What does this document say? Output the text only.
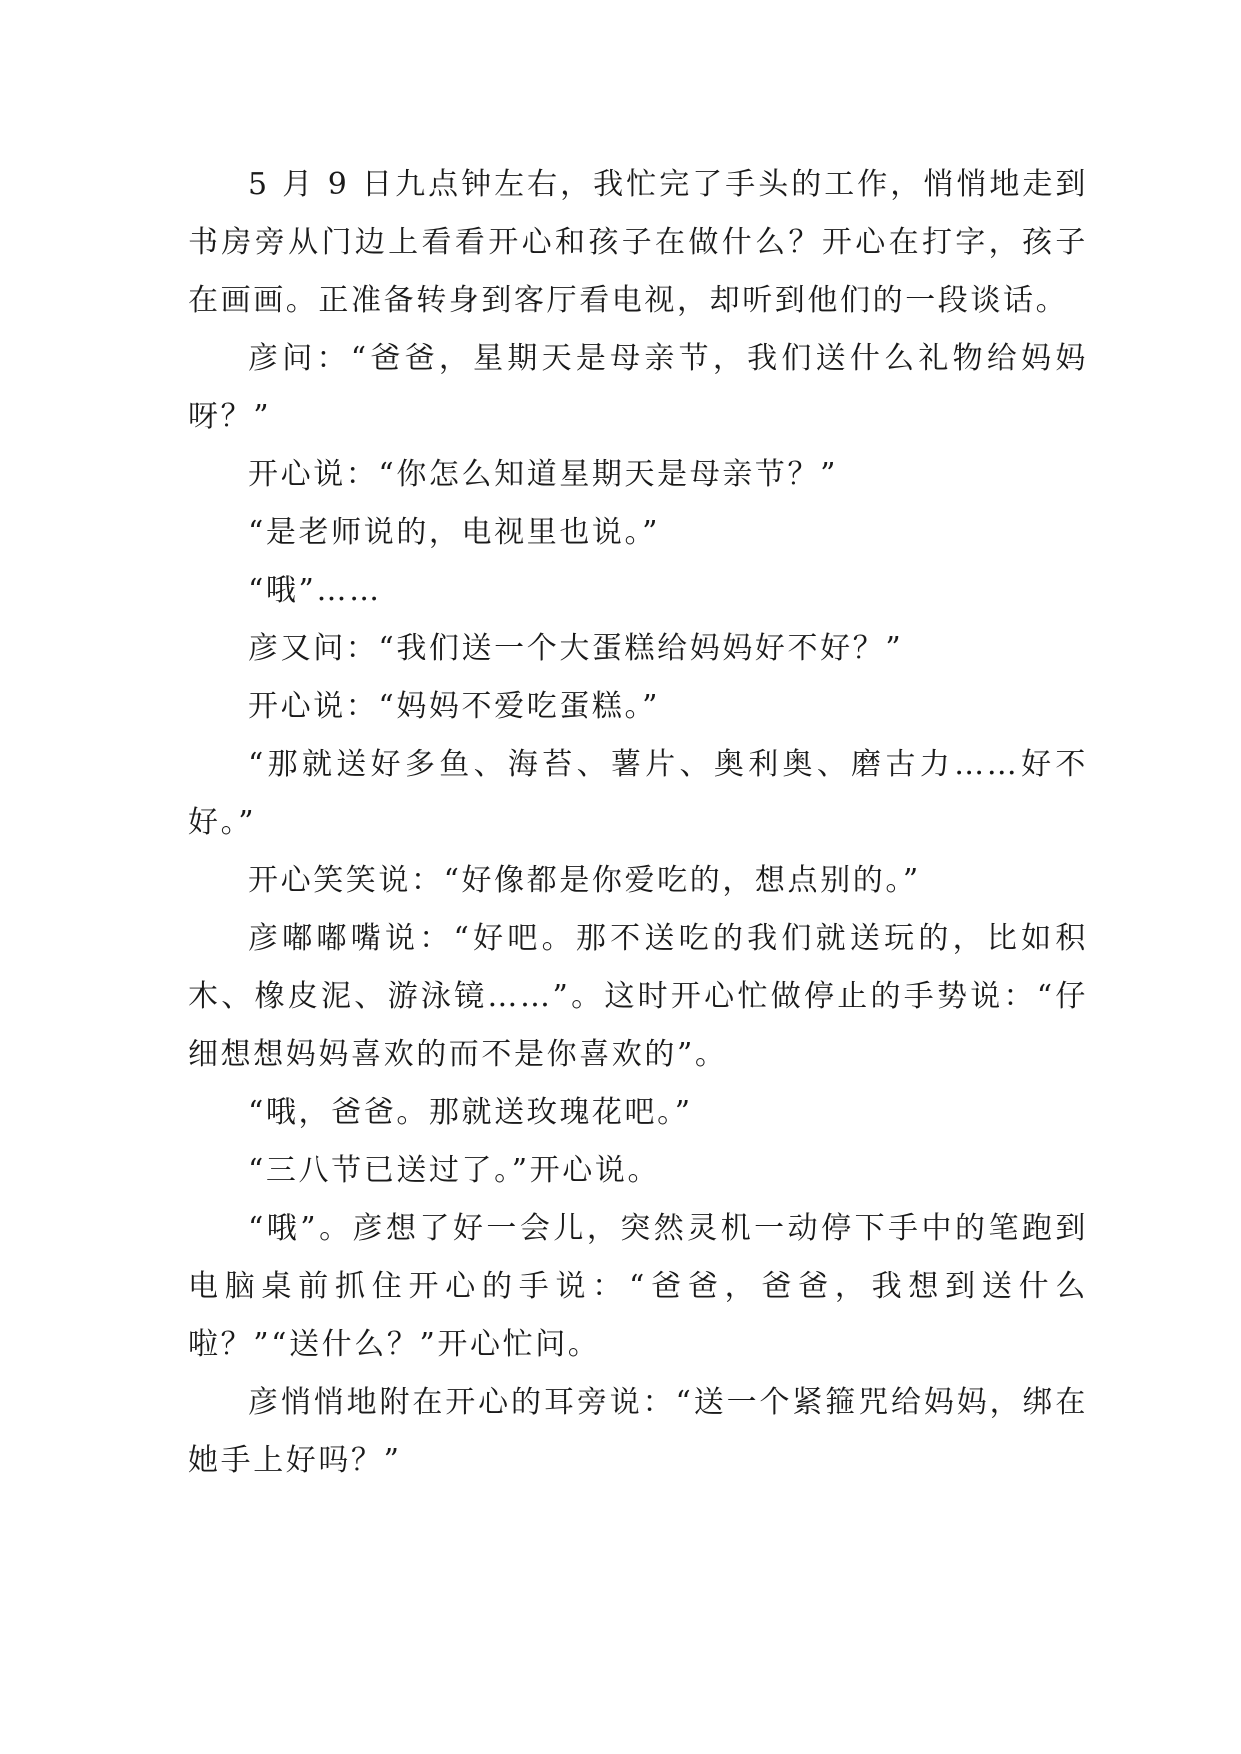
5 月 9 日九点钟左右，我忙完了手头的工作，悄悄地走到书房旁从门边上看看开心和孩子在做什么？开心在打字，孩子在画画。正准备转身到客厅看电视，却听到他们的一段谈话。

彦问：“爸爸，星期天是母亲节，我们送什么礼物给妈妈呀？”

开心说：“你怎么知道星期天是母亲节？”

“是老师说的，电视里也说。”

“哦”……

彦又问：“我们送一个大蛋糕给妈妈好不好？”

开心说：“妈妈不爱吃蛋糕。”

“那就送好多鱼、海苔、薯片、奥利奥、磨古力……好不好。”

开心笑笑说：“好像都是你爱吃的，想点别的。”

彦嘟嘟嘴说：“好吧。那不送吃的我们就送玩的，比如积木、橡皮泥、游泳镜……”。这时开心忙做停止的手势说：“仔细想想妈妈喜欢的而不是你喜欢的”。

“哦，爸爸。那就送玫瑰花吧。”

“三八节已送过了。”开心说。

“哦”。彦想了好一会儿，突然灵机一动停下手中的笔跑到电脑桌前抓住开心的手说：“爸爸，爸爸，我想到送什么啦？”“送什么？”开心忙问。

彦悄悄地附在开心的耳旁说：“送一个紧箍咒给妈妈，绑在她手上好吗？”
